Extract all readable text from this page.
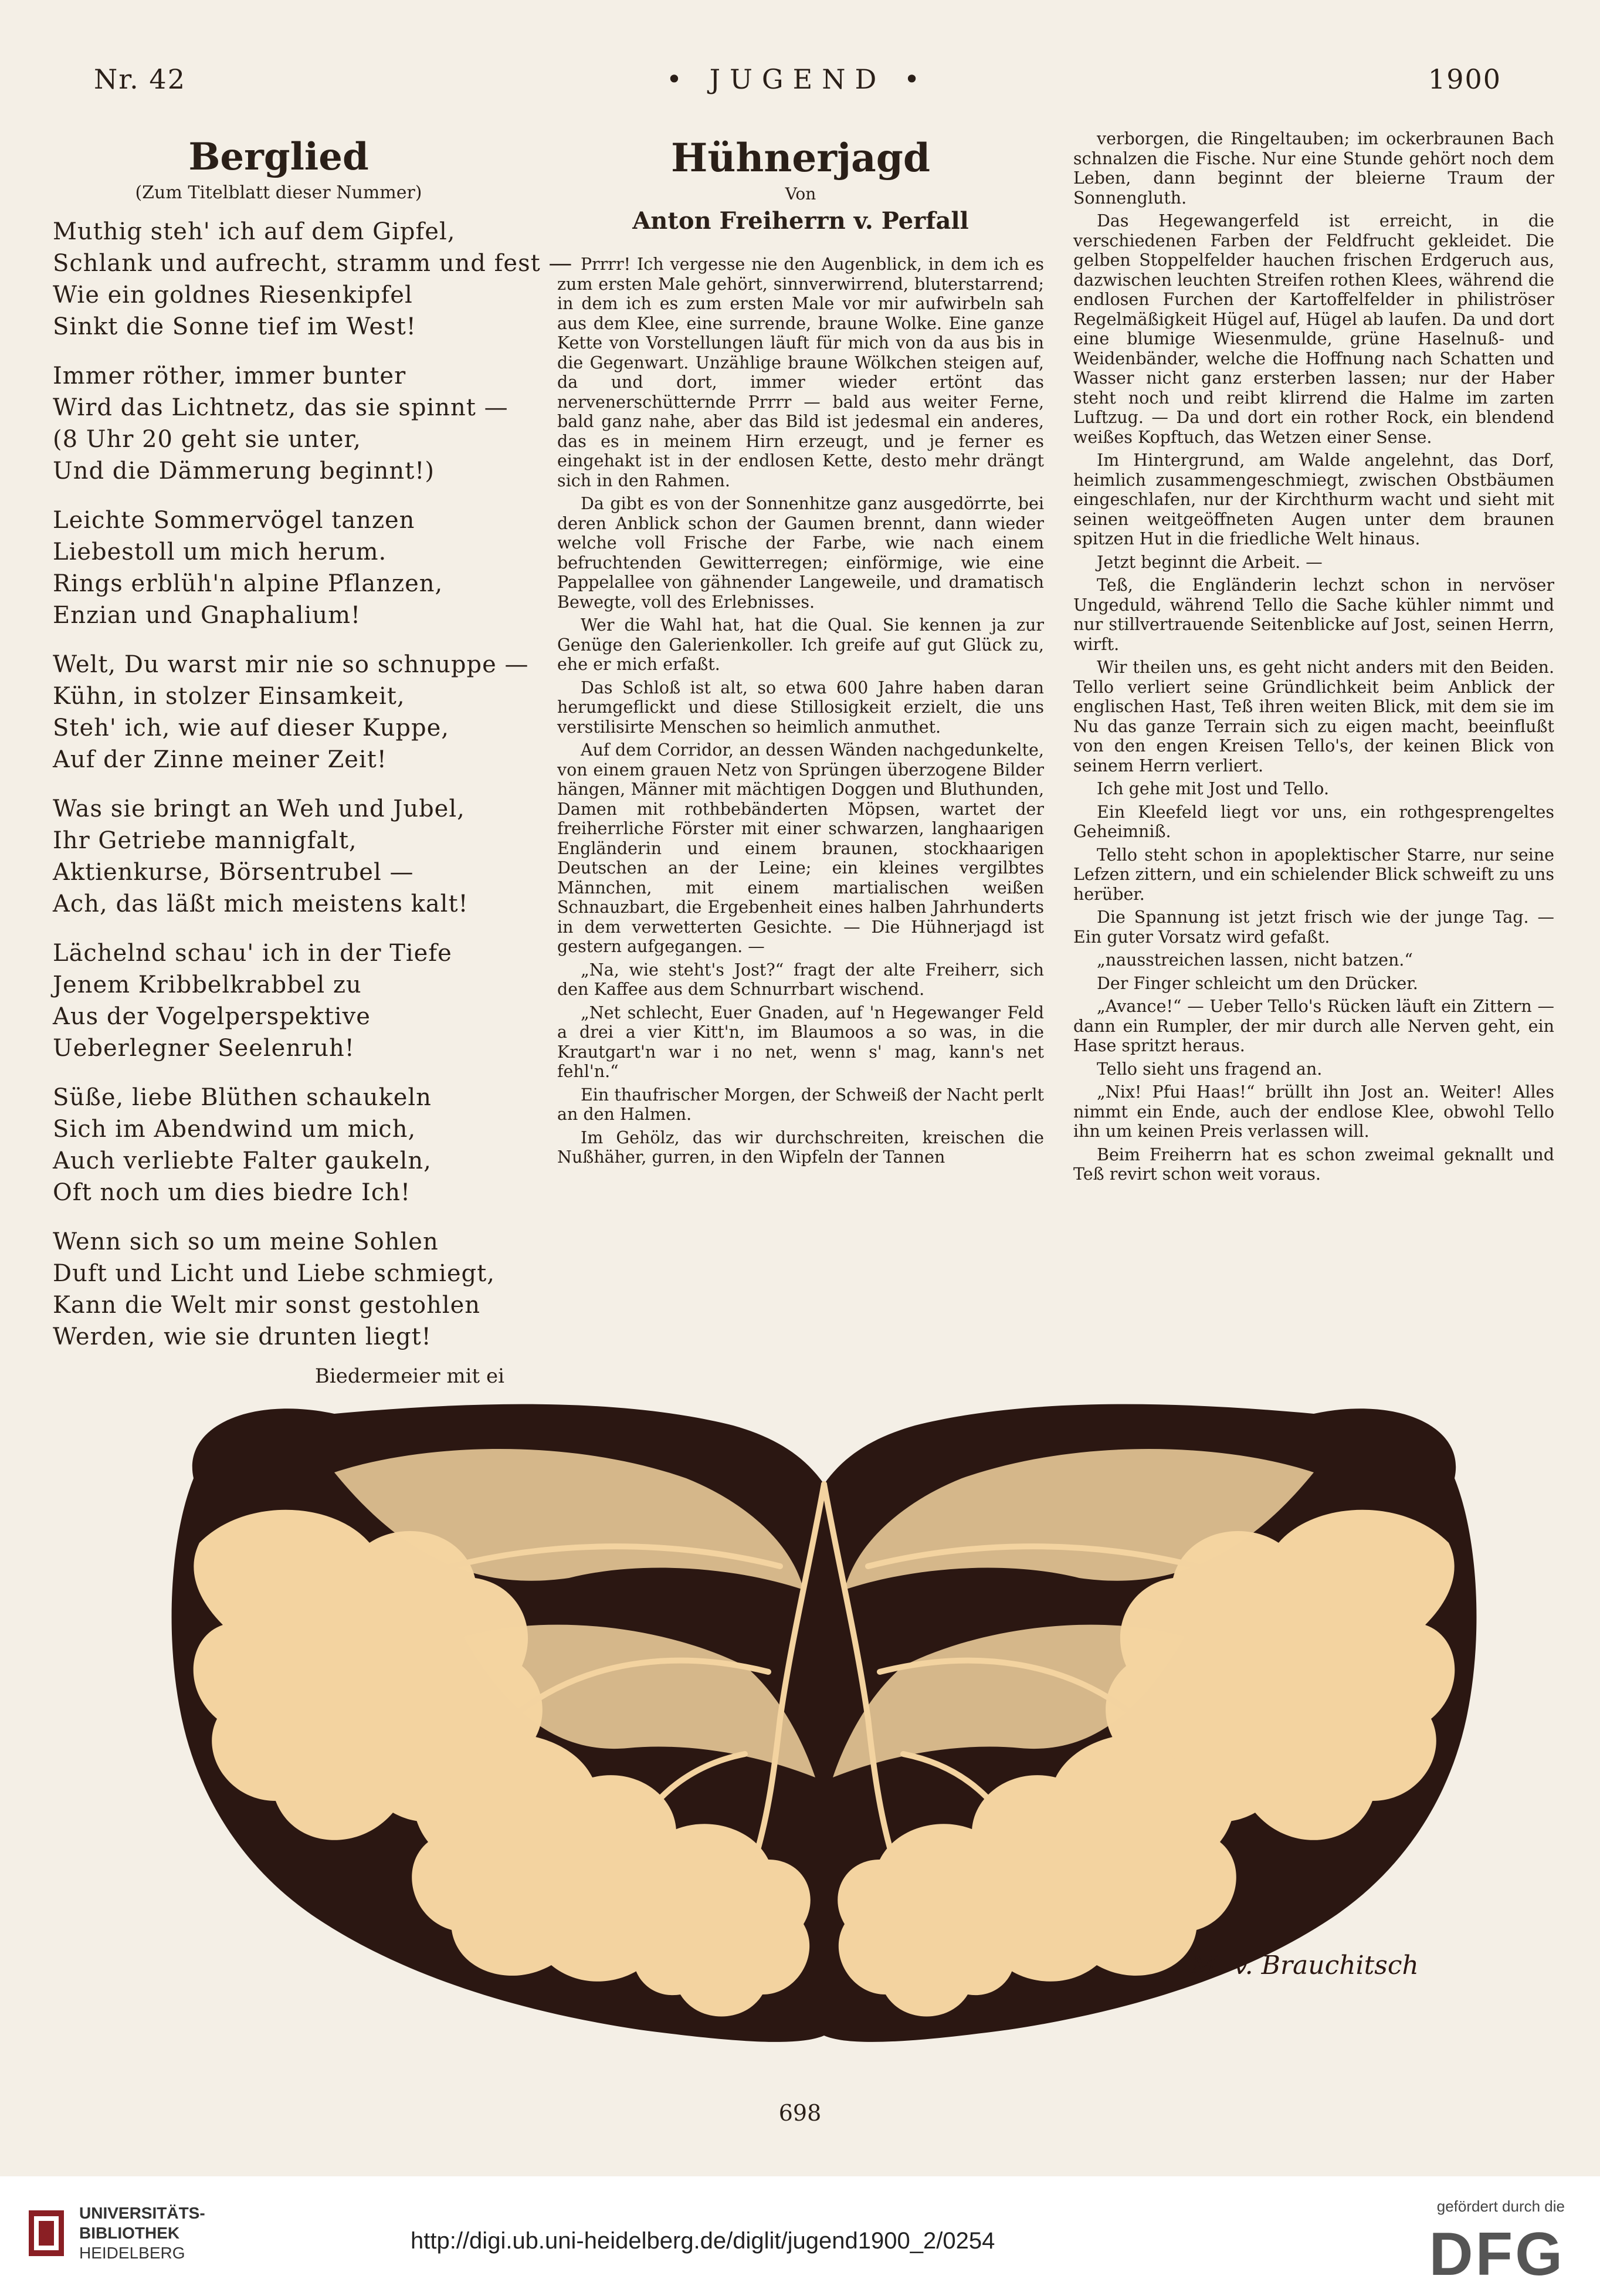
Nr. 42	• JUGEND •	1900
Berglied
(Zum Titelblatt dieser Nummer)
Muthig steh' ich auf dem Gipfel,
Schlank und aufrecht, stramm und fest —
Wie ein goldnes Riesenkipfel
Sinkt die Sonne tief im West!
Immer röther, immer bunter
Wird das Lichtnetz, das sie spinnt —
(8 Uhr 20 geht sie unter,
Und die Dämmerung beginnt!)
Leichte Sommervögel tanzen
Liebestoll um mich herum.
Rings erblüh'n alpine Pflanzen,
Enzian und Gnaphalium!
Welt, Du warst mir nie so schnuppe —
Kühn, in stolzer Einsamkeit,
Steh' ich, wie auf dieser Kuppe,
Auf der Zinne meiner Zeit!
Was sie bringt an Weh und Jubel,
Ihr Getriebe mannigfalt,
Aktienkurse, Börsentrubel —
Ach, das läßt mich meistens kalt!
Lächelnd schau' ich in der Tiefe
Jenem Kribbelkrabbel zu
Aus der Vogelperspektive
Ueberlegner Seelenruh!
Süße, liebe Blüthen schaukeln
Sich im Abendwind um mich,
Auch verliebte Falter gaukeln,
Oft noch um dies biedre Ich!
Wenn sich so um meine Sohlen
Duft und Licht und Liebe schmiegt,
Kann die Welt mir sonst gestohlen
Werden, wie sie drunten liegt!
Biedermeier mit ei
Hühnerjagd
Von
Anton Freiherrn v. Perfall

Prrrr! Ich vergesse nie den Augenblick, in dem ich es zum ersten Male gehört, sinnverwirrend, bluterstarrend; in dem ich es zum ersten Male vor mir aufwirbeln sah aus dem Klee, eine surrende, braune Wolke. Eine ganze Kette von Vorstellungen läuft für mich von da aus bis in die Gegenwart. Unzählige braune Wölkchen steigen auf, da und dort, immer wieder ertönt das nervenerschütternde Prrrr — bald aus weiter Ferne, bald ganz nahe, aber das Bild ist jedesmal ein anderes, das es in meinem Hirn erzeugt, und je ferner es eingehakt ist in der endlosen Kette, desto mehr drängt sich in den Rahmen.

Da gibt es von der Sonnenhitze ganz ausgedörrte, bei deren Anblick schon der Gaumen brennt, dann wieder welche voll Frische der Farbe, wie nach einem befruchtenden Gewitterregen; einförmige, wie eine Pappelallee von gähnender Langeweile, und dramatisch Bewegte, voll des Erlebnisses.

Wer die Wahl hat, hat die Qual. Sie kennen ja zur Genüge den Galerienkoller. Ich greife auf gut Glück zu, ehe er mich erfaßt.

Das Schloß ist alt, so etwa 600 Jahre haben daran herumgeflickt und diese Stillosigkeit erzielt, die uns verstilisirte Menschen so heimlich anmuthet.

Auf dem Corridor, an dessen Wänden nachgedunkelte, von einem grauen Netz von Sprüngen überzogene Bilder hängen, Männer mit mächtigen Doggen und Bluthunden, Damen mit rothbebänderten Möpsen, wartet der freiherrliche Förster mit einer schwarzen, langhaarigen Engländerin und einem braunen, stockhaarigen Deutschen an der Leine; ein kleines vergilbtes Männchen, mit einem martialischen weißen Schnauzbart, die Ergebenheit eines halben Jahrhunderts in dem verwetterten Gesichte. — Die Hühnerjagd ist gestern aufgegangen. —

„Na, wie steht's Jost?“ fragt der alte Freiherr, sich den Kaffee aus dem Schnurrbart wischend.

„Net schlecht, Euer Gnaden, auf 'n Hegewanger Feld a drei a vier Kitt'n, im Blaumoos a so was, in die Krautgart'n war i no net, wenn s' mag, kann's net fehl'n.“

Ein thaufrischer Morgen, der Schweiß der Nacht perlt an den Halmen.

Im Gehölz, das wir durchschreiten, kreischen die Nußhäher, gurren, in den Wipfeln der Tannen

verborgen, die Ringeltauben; im ockerbraunen Bach schnalzen die Fische. Nur eine Stunde gehört noch dem Leben, dann beginnt der bleierne Traum der Sonnengluth.

Das Hegewangerfeld ist erreicht, in die verschiedenen Farben der Feldfrucht gekleidet. Die gelben Stoppelfelder hauchen frischen Erdgeruch aus, dazwischen leuchten Streifen rothen Klees, während die endlosen Furchen der Kartoffelfelder in philiströser Regelmäßigkeit Hügel auf, Hügel ab laufen. Da und dort eine blumige Wiesenmulde, grüne Haselnuß- und Weidenbänder, welche die Hoffnung nach Schatten und Wasser nicht ganz ersterben lassen; nur der Haber steht noch und reibt klirrend die Halme im zarten Luftzug. — Da und dort ein rother Rock, ein blendend weißes Kopftuch, das Wetzen einer Sense.

Im Hintergrund, am Walde angelehnt, das Dorf, heimlich zusammengeschmiegt, zwischen Obstbäumen eingeschlafen, nur der Kirchthurm wacht und sieht mit seinen weitgeöffneten Augen unter dem braunen spitzen Hut in die friedliche Welt hinaus.

Jetzt beginnt die Arbeit. —

Teß, die Engländerin lechzt schon in nervöser Ungeduld, während Tello die Sache kühler nimmt und nur stillvertrauende Seitenblicke auf Jost, seinen Herrn, wirft.

Wir theilen uns, es geht nicht anders mit den Beiden. Tello verliert seine Gründlichkeit beim Anblick der englischen Hast, Teß ihren weiten Blick, mit dem sie im Nu das ganze Terrain sich zu eigen macht, beeinflußt von den engen Kreisen Tello's, der keinen Blick von seinem Herrn verliert.

Ich gehe mit Jost und Tello.

Ein Kleefeld liegt vor uns, ein rothgesprengeltes Geheimniß.

Tello steht schon in apoplektischer Starre, nur seine Lefzen zittern, und ein schielender Blick schweift zu uns herüber.

Die Spannung ist jetzt frisch wie der junge Tag. — Ein guter Vorsatz wird gefaßt.

„nausstreichen lassen, nicht batzen.“

Der Finger schleicht um den Drücker.

„Avance!“ — Ueber Tello's Rücken läuft ein Zittern — dann ein Rumpler, der mir durch alle Nerven geht, ein Hase spritzt heraus.

Tello sieht uns fragend an.

„Nix! Pfui Haas!“ brüllt ihn Jost an. Weiter! Alles nimmt ein Ende, auch der endlose Klee, obwohl Tello ihn um keinen Preis verlassen will.

Beim Freiherrn hat es schon zweimal geknallt und Teß revirt schon weit voraus.

M. v. Brauchitsch
698
UNIVERSITÄTS-
BIBLIOTHEK
HEIDELBERG	http://digi.ub.uni-heidelberg.de/diglit/jugend1900_2/0254
gefördert durch die
DFG
